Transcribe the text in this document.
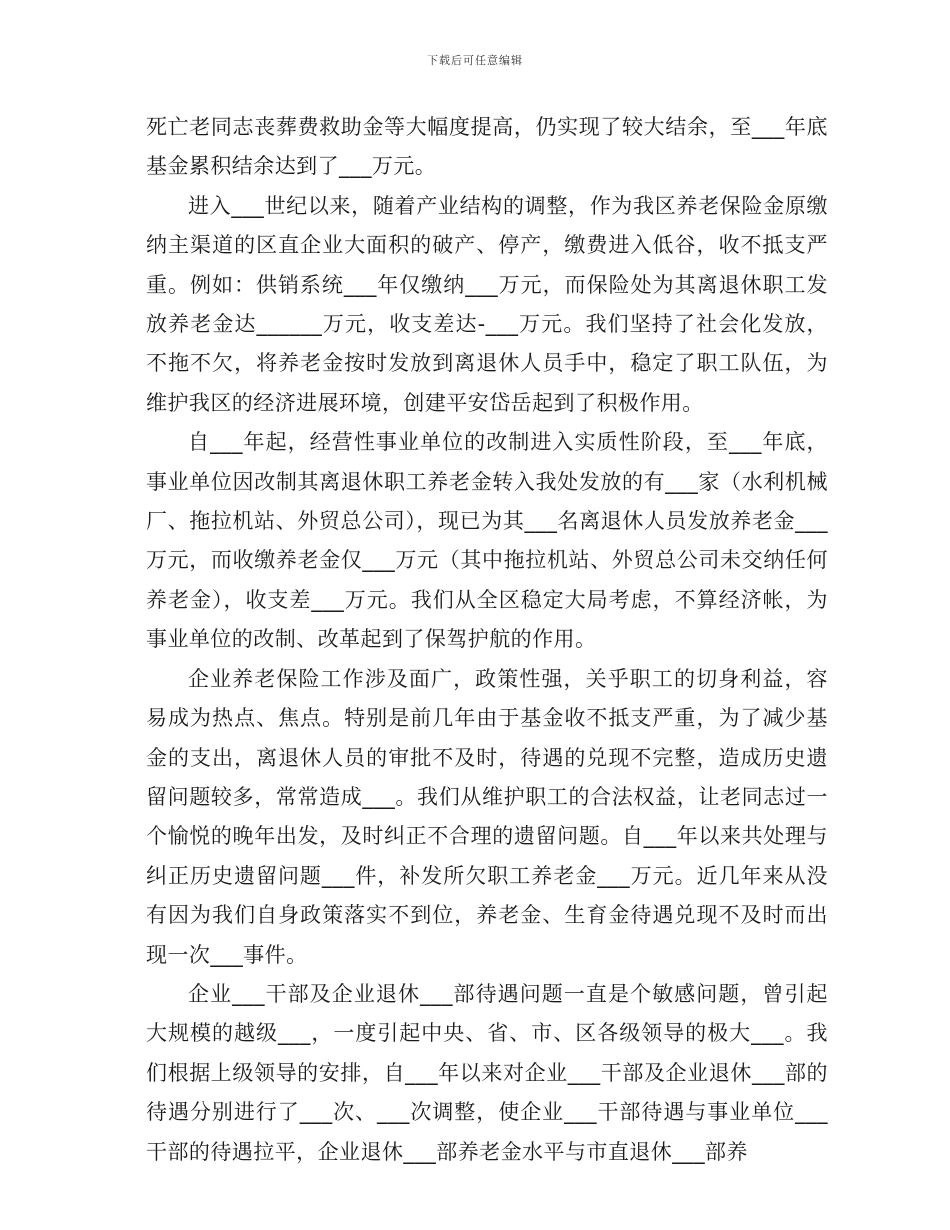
下载后可任意编辑

死亡老同志丧葬费救助金等大幅度提高，仍实现了较大结余，至___年底基金累积结余达到了___万元。

进入___世纪以来，随着产业结构的调整，作为我区养老保险金原缴纳主渠道的区直企业大面积的破产、停产，缴费进入低谷，收不抵支严重。例如：供销系统___年仅缴纳___万元，而保险处为其离退休职工发放养老金达______万元，收支差达-___万元。我们坚持了社会化发放，不拖不欠，将养老金按时发放到离退休人员手中，稳定了职工队伍，为维护我区的经济进展环境，创建平安岱岳起到了积极作用。

自___年起，经营性事业单位的改制进入实质性阶段，至___年底，事业单位因改制其离退休职工养老金转入我处发放的有___家（水利机械厂、拖拉机站、外贸总公司），现已为其___名离退休人员发放养老金___万元，而收缴养老金仅___万元（其中拖拉机站、外贸总公司未交纳任何养老金），收支差___万元。我们从全区稳定大局考虑，不算经济帐，为事业单位的改制、改革起到了保驾护航的作用。

企业养老保险工作涉及面广，政策性强，关乎职工的切身利益，容易成为热点、焦点。特别是前几年由于基金收不抵支严重，为了减少基金的支出，离退休人员的审批不及时，待遇的兑现不完整，造成历史遗留问题较多，常常造成___。我们从维护职工的合法权益，让老同志过一个愉悦的晚年出发，及时纠正不合理的遗留问题。自___年以来共处理与纠正历史遗留问题___件，补发所欠职工养老金___万元。近几年来从没有因为我们自身政策落实不到位，养老金、生育金待遇兑现不及时而出现一次___事件。

企业___干部及企业退休___部待遇问题一直是个敏感问题，曾引起大规模的越级___，一度引起中央、省、市、区各级领导的极大___。我们根据上级领导的安排，自___年以来对企业___干部及企业退休___部的待遇分别进行了___次、___次调整，使企业___干部待遇与事业单位___干部的待遇拉平，企业退休___部养老金水平与市直退休___部养
